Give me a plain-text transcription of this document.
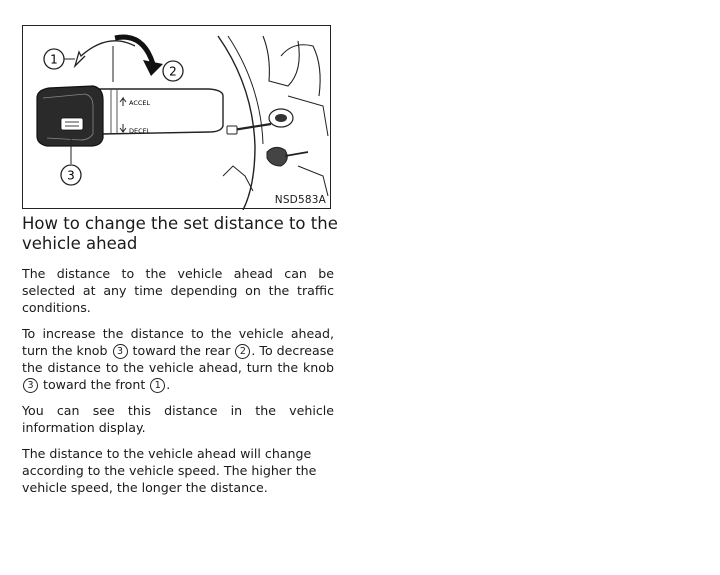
1
2
ACCEL
DECEL
3
NSD583A
How to change the set distance to the vehicle ahead

The distance to the vehicle ahead can be selected at any time depending on the traffic conditions.

To increase the distance to the vehicle ahead, turn the knob 3 toward the rear 2 . To decrease the distance to the vehicle ahead, turn the knob 3 toward the front 1 .

You can see this distance in the vehicle information display.

The distance to the vehicle ahead will change according to the vehicle speed. The higher the vehicle speed, the longer the distance.
